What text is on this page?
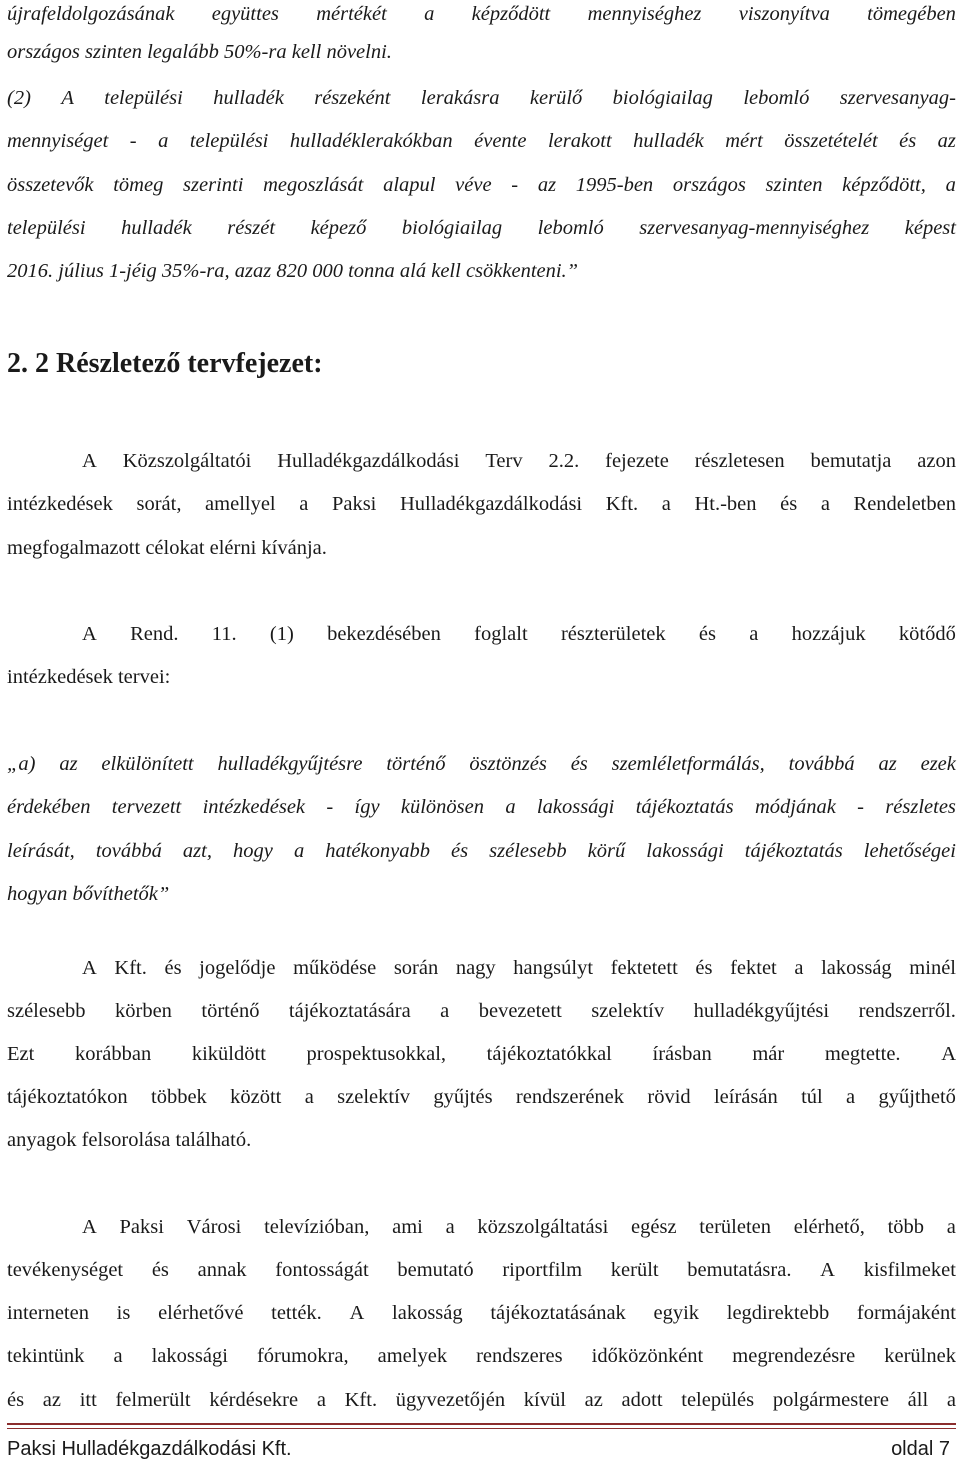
újrafeldolgozásának együttes mértékét a képződött mennyiséghez viszonyítva tömegében
országos szinten legalább 50%-ra kell növelni.
(2) A települési hulladék részeként lerakásra kerülő biológiailag lebomló szervesanyag-
mennyiséget - a települési hulladéklerakókban évente lerakott hulladék mért összetételét és az
összetevők tömeg szerinti megoszlását alapul véve - az 1995-ben országos szinten képződött, a
települési hulladék részét képező biológiailag lebomló szervesanyag-mennyiséghez képest
2016. július 1-jéig 35%-ra, azaz 820 000 tonna alá kell csökkenteni.”
2. 2 Részletező tervfejezet:
A Közszolgáltatói Hulladékgazdálkodási Terv 2.2. fejezete részletesen bemutatja azon
intézkedések sorát, amellyel a Paksi Hulladékgazdálkodási Kft. a Ht.-ben és a Rendeletben
megfogalmazott célokat elérni kívánja.
A Rend. 11. (1) bekezdésében foglalt részterületek és a hozzájuk kötődő
intézkedések tervei:
„a) az elkülönített hulladékgyűjtésre történő ösztönzés és szemléletformálás, továbbá az ezek
érdekében tervezett intézkedések - így különösen a lakossági tájékoztatás módjának - részletes
leírását, továbbá azt, hogy a hatékonyabb és szélesebb körű lakossági tájékoztatás lehetőségei
hogyan bővíthetők”
A Kft. és jogelődje működése során nagy hangsúlyt fektetett és fektet a lakosság minél
szélesebb körben történő tájékoztatására a bevezetett szelektív hulladékgyűjtési rendszerről.
Ezt korábban kiküldött prospektusokkal, tájékoztatókkal írásban már megtette. A
tájékoztatókon többek között a szelektív gyűjtés rendszerének rövid leírásán túl a gyűjthető
anyagok felsorolása található.
A Paksi Városi televízióban, ami a közszolgáltatási egész területen elérhető, több a
tevékenységet és annak fontosságát bemutató riportfilm került bemutatásra. A kisfilmeket
interneten is elérhetővé tették. A lakosság tájékoztatásának egyik legdirektebb formájaként
tekintünk a lakossági fórumokra, amelyek rendszeres időközönként megrendezésre kerülnek
és az itt felmerült kérdésekre a Kft. ügyvezetőjén kívül az adott település polgármestere áll a
Paksi Hulladékgazdálkodási Kft.	oldal 7
